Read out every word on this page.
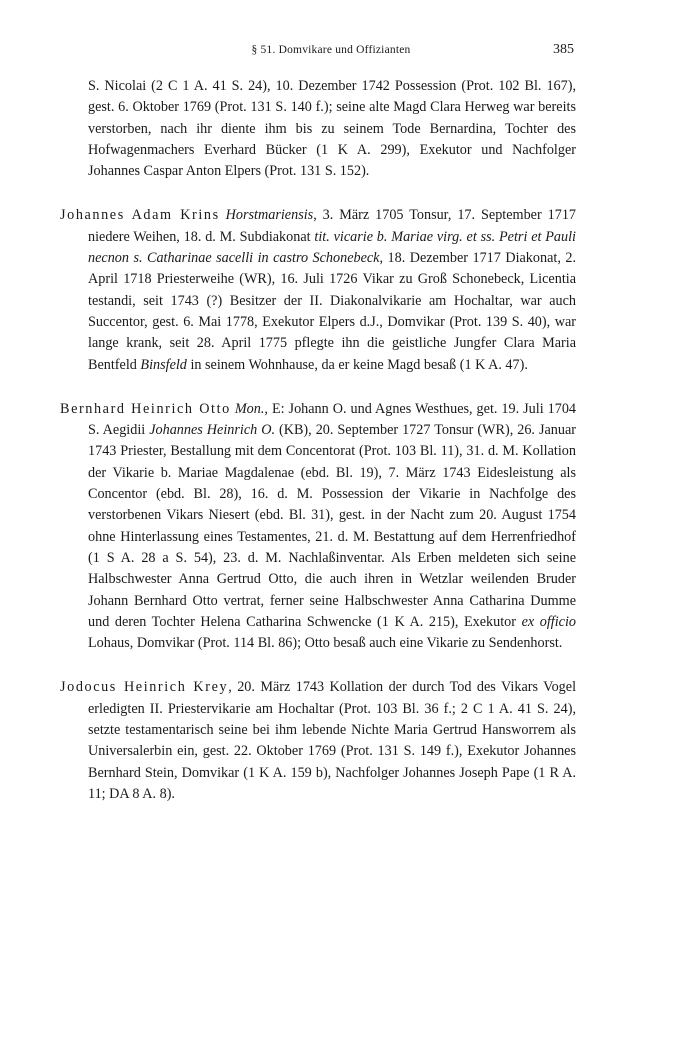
§ 51. Domvikare und Offizianten	385

S. Nicolai (2 C 1 A. 41 S. 24), 10. Dezember 1742 Possession (Prot. 102 Bl. 167), gest. 6. Oktober 1769 (Prot. 131 S. 140 f.); seine alte Magd Clara Herweg war bereits verstorben, nach ihr diente ihm bis zu seinem Tode Bernardina, Tochter des Hofwagenmachers Everhard Bücker (1 K A. 299), Exekutor und Nachfolger Johannes Caspar Anton Elpers (Prot. 131 S. 152).

Johannes Adam Krins Horstmariensis, 3. März 1705 Tonsur, 17. September 1717 niedere Weihen, 18. d. M. Subdiakonat tit. vicarie b. Mariae virg. et ss. Petri et Pauli necnon s. Catharinae sacelli in castro Schonebeck, 18. Dezember 1717 Diakonat, 2. April 1718 Priesterweihe (WR), 16. Juli 1726 Vikar zu Groß Schonebeck, Licentia testandi, seit 1743 (?) Besitzer der II. Diakonalvikarie am Hochaltar, war auch Succentor, gest. 6. Mai 1778, Exekutor Elpers d.J., Domvikar (Prot. 139 S. 40), war lange krank, seit 28. April 1775 pflegte ihn die geistliche Jungfer Clara Maria Bentfeld Binsfeld in seinem Wohnhause, da er keine Magd besaß (1 K A. 47).

Bernhard Heinrich Otto Mon., E: Johann O. und Agnes Westhues, get. 19. Juli 1704 S. Aegidii Johannes Heinrich O. (KB), 20. September 1727 Tonsur (WR), 26. Januar 1743 Priester, Bestallung mit dem Concentorat (Prot. 103 Bl. 11), 31. d. M. Kollation der Vikarie b. Mariae Magdalenae (ebd. Bl. 19), 7. März 1743 Eidesleistung als Concentor (ebd. Bl. 28), 16. d. M. Possession der Vikarie in Nachfolge des verstorbenen Vikars Niesert (ebd. Bl. 31), gest. in der Nacht zum 20. August 1754 ohne Hinterlassung eines Testamentes, 21. d. M. Bestattung auf dem Herrenfriedhof (1 S A. 28 a S. 54), 23. d. M. Nachlaßinventar. Als Erben meldeten sich seine Halbschwester Anna Gertrud Otto, die auch ihren in Wetzlar weilenden Bruder Johann Bernhard Otto vertrat, ferner seine Halbschwester Anna Catharina Dumme und deren Tochter Helena Catharina Schwencke (1 K A. 215), Exekutor ex officio Lohaus, Domvikar (Prot. 114 Bl. 86); Otto besaß auch eine Vikarie zu Sendenhorst.

Jodocus Heinrich Krey, 20. März 1743 Kollation der durch Tod des Vikars Vogel erledigten II. Priestervikarie am Hochaltar (Prot. 103 Bl. 36 f.; 2 C 1 A. 41 S. 24), setzte testamentarisch seine bei ihm lebende Nichte Maria Gertrud Hansworrem als Universalerbin ein, gest. 22. Oktober 1769 (Prot. 131 S. 149 f.), Exekutor Johannes Bernhard Stein, Domvikar (1 K A. 159 b), Nachfolger Johannes Joseph Pape (1 R A. 11; DA 8 A. 8).
